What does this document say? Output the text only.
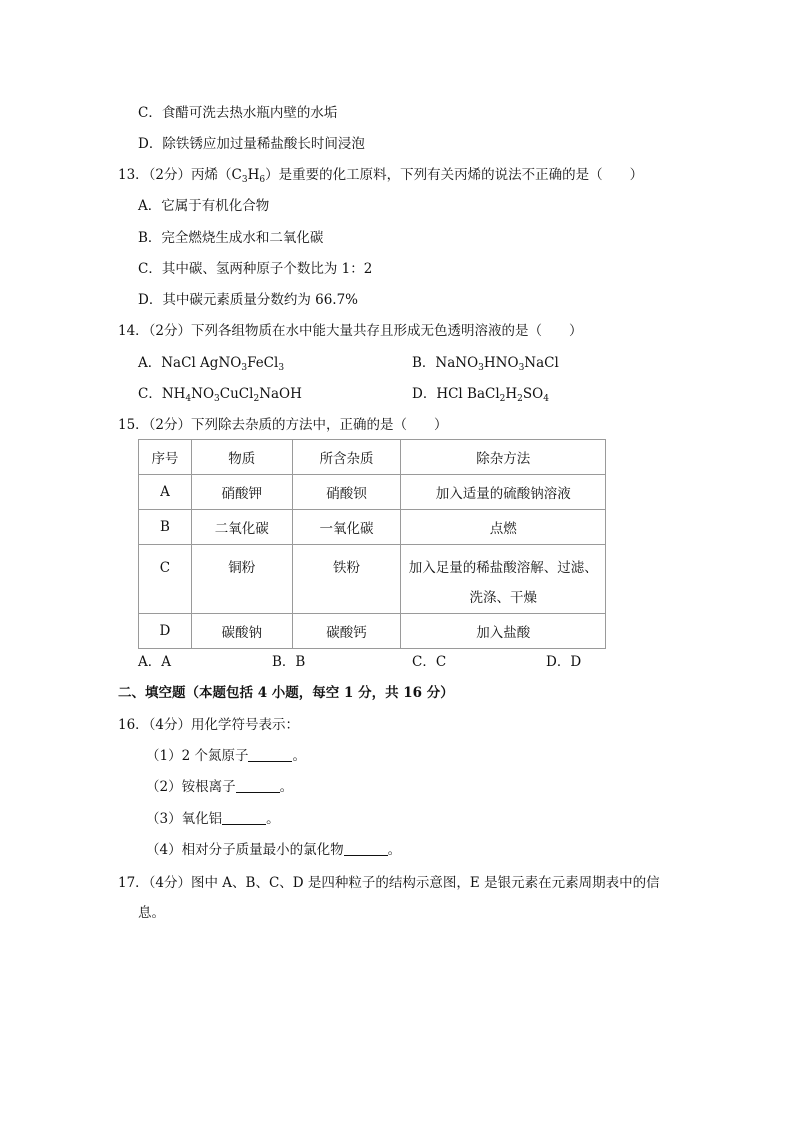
C．食醋可洗去热水瓶内壁的水垢
D．除铁锈应加过量稀盐酸长时间浸泡
13．（2分）丙烯$(C_3H_6)$是重要的化工原料，下列有关丙烯的说法不正确的是（　　）
A．它属于有机化合物
B．完全燃烧生成水和二氧化碳
C．其中碳、氢两种原子个数比为 1：2
D．其中碳元素质量分数约为 66.7%
14．（2分）下列各组物质在水中能大量共存且形成无色透明溶液的是（　　）
A．NaCl AgNO$_3$FeCl$_3$	B．$NaNO_3HNO_3NaCl$
C．$NH_4NO_3CuCl_2NaOH$	D．HCl $BaCl_2H_2SO_4$
15．（2分）下列除去杂质的方法中，正确的是（　　）
序号	物质	所含杂质	除杂方法
A	硝酸钾	硝酸钡	加入适量的硫酸钠溶液
B	二氧化碳	一氧化碳	点燃
C	铜粉	铁粉	加入足量的稀盐酸溶解、过滤、
洗涤、干燥

D	碳酸钠	碳酸钙	加入盐酸
A．A	B．B	C．C	D．D
二、填空题（本题包括 4 小题，每空 1 分，共 16 分）
16．（4分）用化学符号表示：
（1）2 个氮原子	。
（2）铵根离子	。
（3）氧化铝	。
（4）相对分子质量最小的氯化物	。
17．（4分）图中 A、B、C、D 是四种粒子的结构示意图，E 是银元素在元素周期表中的信
息。
